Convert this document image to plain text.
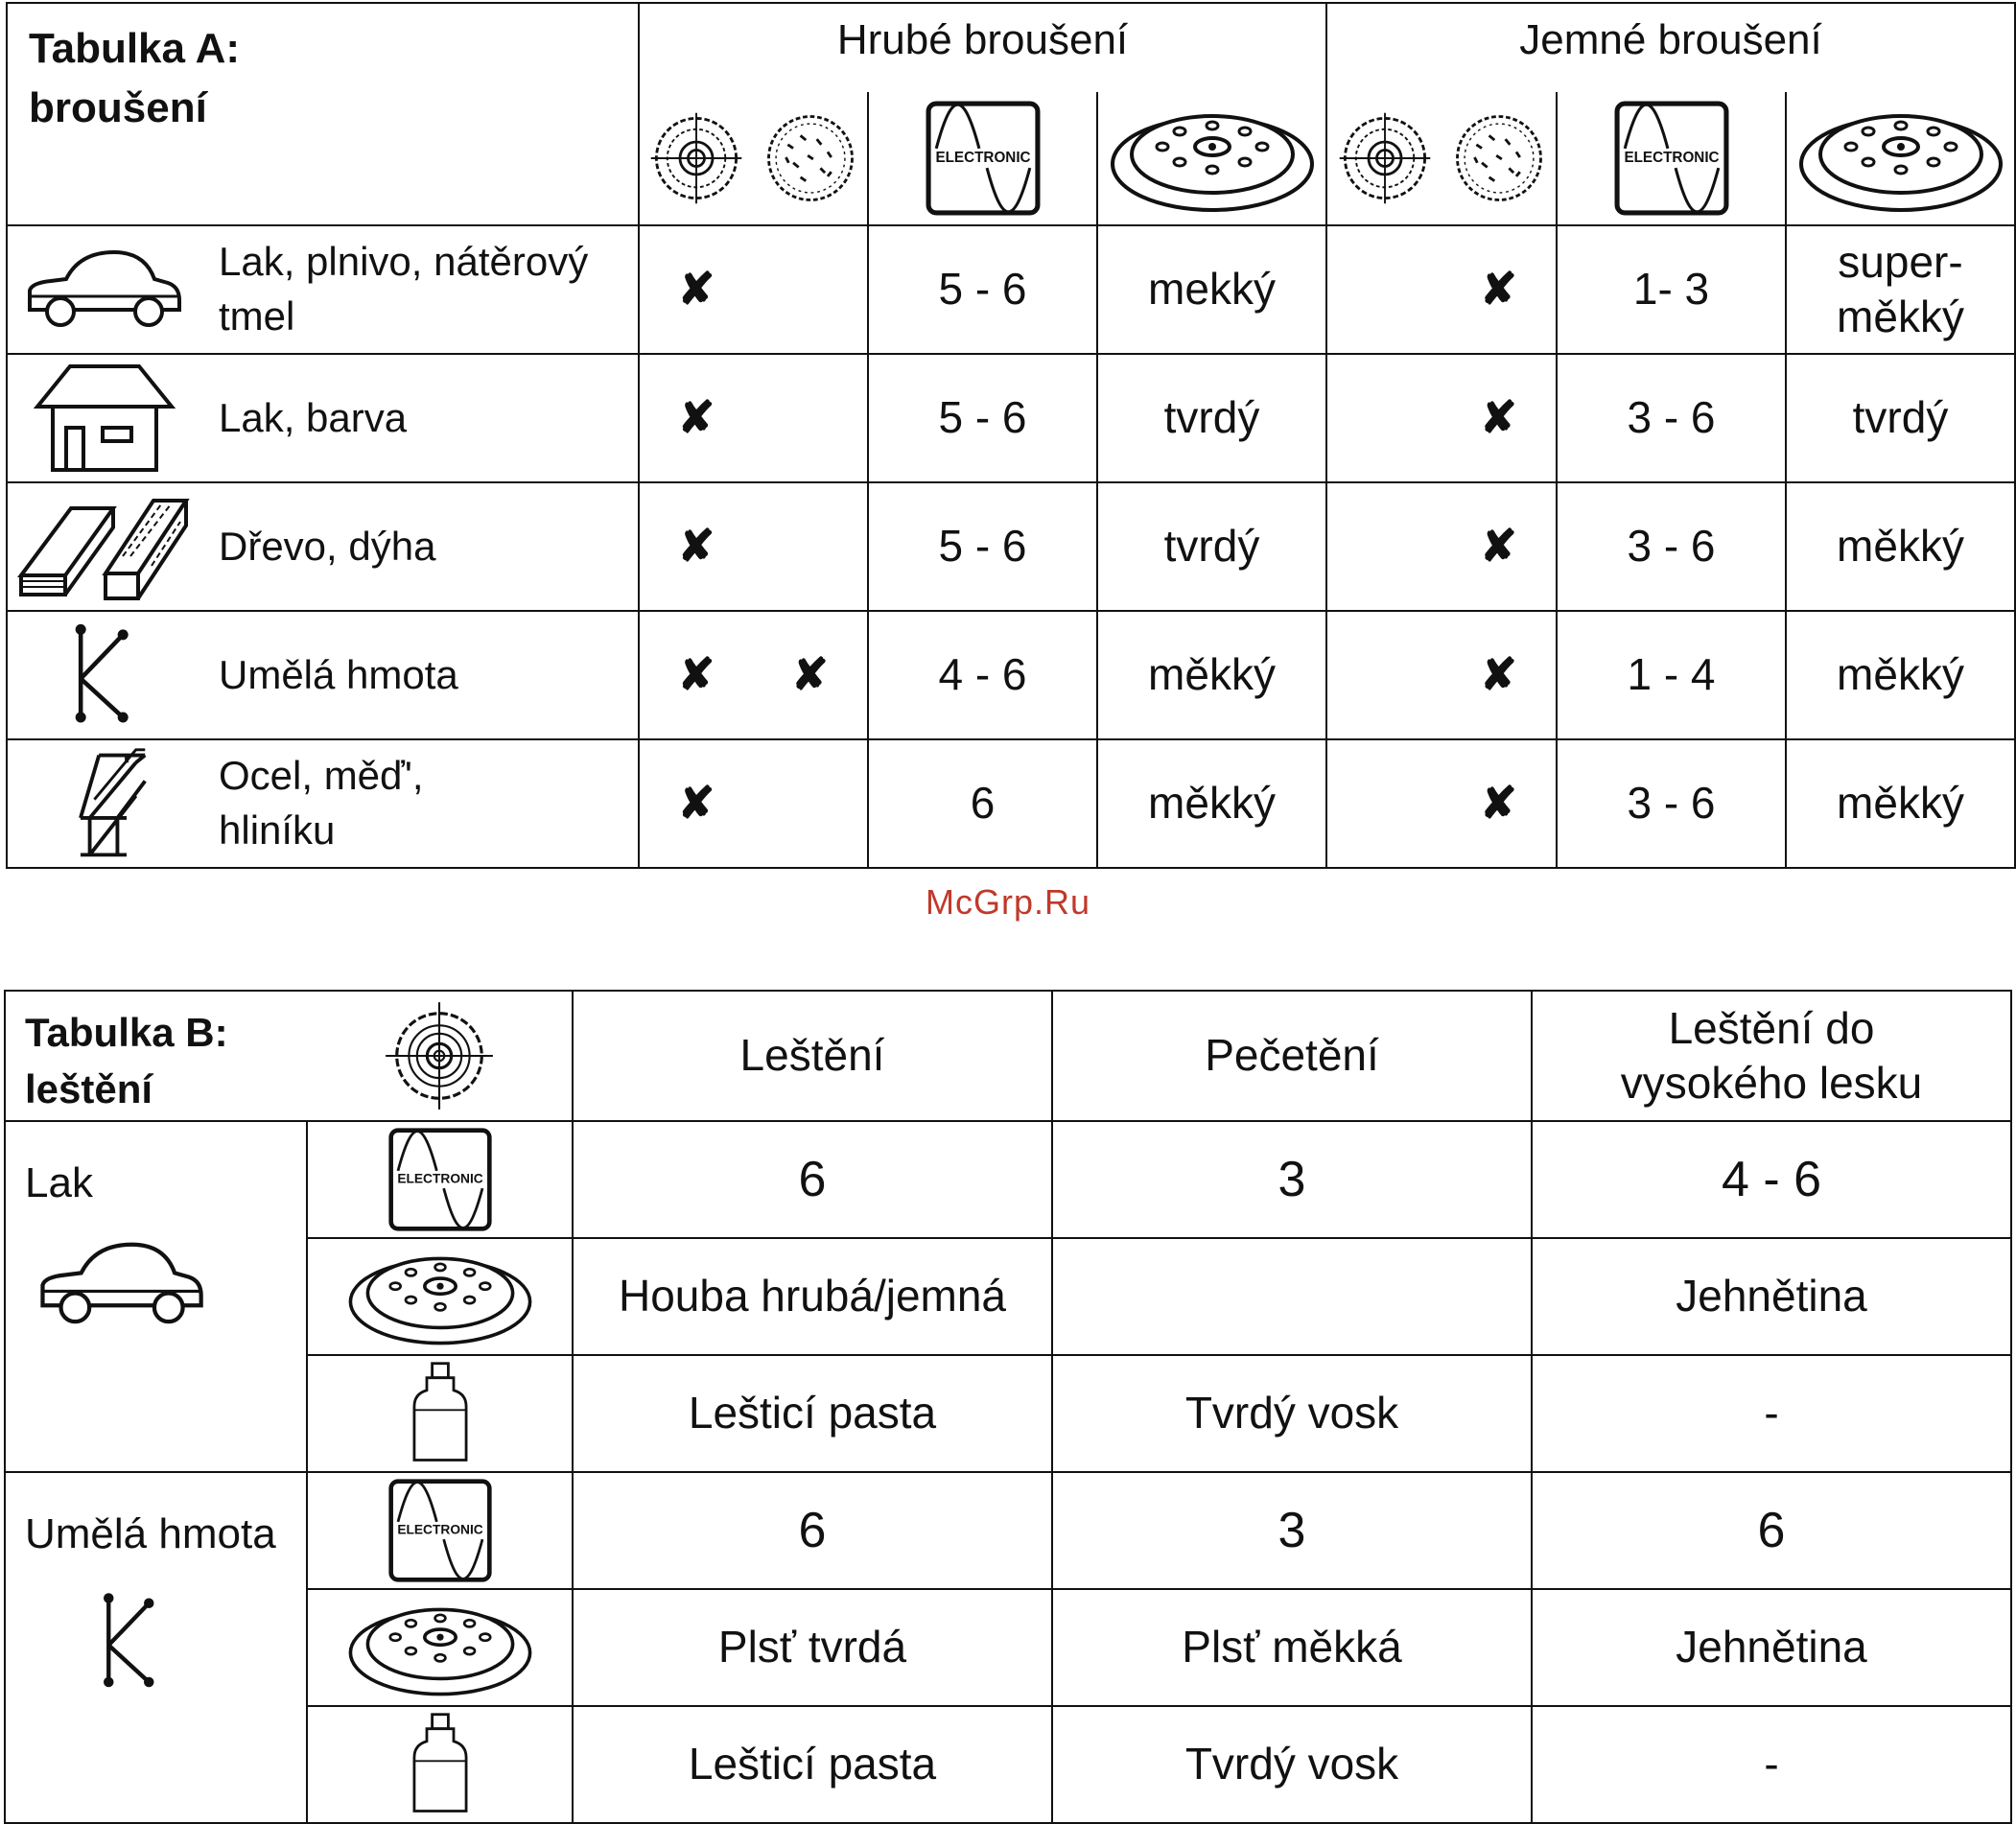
Tabulka A:
broušení	Hrubé broušení				Jemné broušení			

Lak, plnivo, nátěrový tmel	✘		5 - 6	mekký		✘	1- 3	super-měkký

Lak, barva	✘		5 - 6	tvrdý		✘	3 - 6	tvrdý

Dřevo, dýha	✘		5 - 6	tvrdý		✘	3 - 6	měkký

Umělá hmota	✘	✘	4 - 6	měkký		✘	1 - 4	měkký

Ocel, měď', hliníku	✘		6	měkký		✘	3 - 6	měkký
McGrp.Ru
Tabulka B:
leštění		Leštění	Pečetění	Leštění do vysokého lesku

Lak		6	3	4 - 6

	Houba hrubá/jemná		Jehnětina

	Lešticí pasta	Tvrdý vosk	-

Umělá hmota		6	3	6

	Plsť tvrdá	Plsť měkká	Jehnětina

	Lešticí pasta	Tvrdý vosk	-
